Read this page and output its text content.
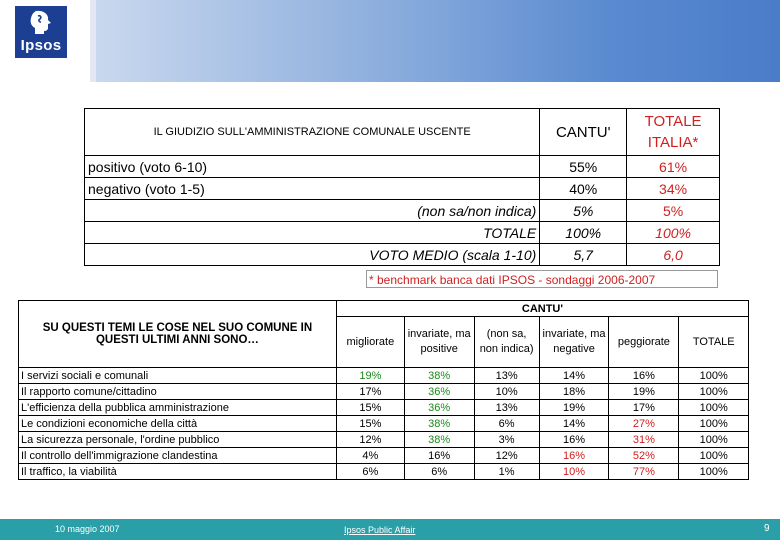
Ipsos
IL GIUDIZIO SULL'AMMINISTRAZIONE COMUNALE USCENTE	CANTU'	TOTALE
ITALIA*
positivo (voto 6-10)	55%	61%
negativo (voto 1-5)	40%	34%
(non sa/non indica)	5%	5%
TOTALE	100%	100%
VOTO MEDIO (scala 1-10)	5,7	6,0
* benchmark banca dati IPSOS - sondaggi 2006-2007
SU QUESTI TEMI LE COSE NEL SUO COMUNE IN QUESTI ULTIMI ANNI SONO…	CANTU'					
	migliorate	invariate, ma positive	(non sa, non indica)	invariate, ma negative	peggiorate	TOTALE
I servizi sociali e comunali	19%	38%	13%	14%	16%	100%
Il rapporto comune/cittadino	17%	36%	10%	18%	19%	100%
L'efficienza della pubblica amministrazione	15%	36%	13%	19%	17%	100%
Le condizioni economiche della città	15%	38%	6%	14%	27%	100%
La sicurezza personale, l'ordine pubblico	12%	38%	3%	16%	31%	100%
Il controllo dell'immigrazione clandestina	4%	16%	12%	16%	52%	100%
Il traffico, la viabilità	6%	6%	1%	10%	77%	100%
10 maggio 2007	Ipsos Public Affair	9
